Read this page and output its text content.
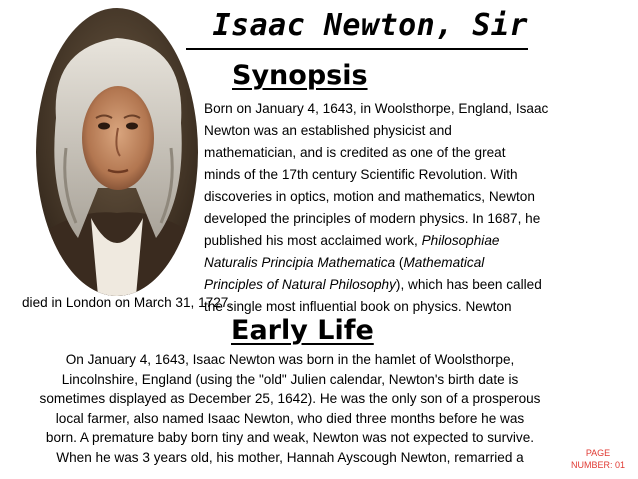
Isaac Newton, Sir
Synopsis
Born on January 4, 1643, in Woolsthorpe, England, Isaac
Newton was an established physicist and
mathematician, and is credited as one of the great
minds of the 17th century Scientific Revolution. With
discoveries in optics, motion and mathematics, Newton
developed the principles of modern physics. In 1687, he
published his most acclaimed work, Philosophiae
Naturalis Principia Mathematica (Mathematical
Principles of Natural Philosophy), which has been called
the single most influential book on physics. Newton
died in London on March 31, 1727.
Early Life
On January 4, 1643, Isaac Newton was born in the hamlet of Woolsthorpe,
Lincolnshire, England (using the "old" Julien calendar, Newton's birth date is
sometimes displayed as December 25, 1642). He was the only son of a prosperous
local farmer, also named Isaac Newton, who died three months before he was
born. A premature baby born tiny and weak, Newton was not expected to survive.
When he was 3 years old, his mother, Hannah Ayscough Newton, remarried a	PAGE
NUMBER: 01
